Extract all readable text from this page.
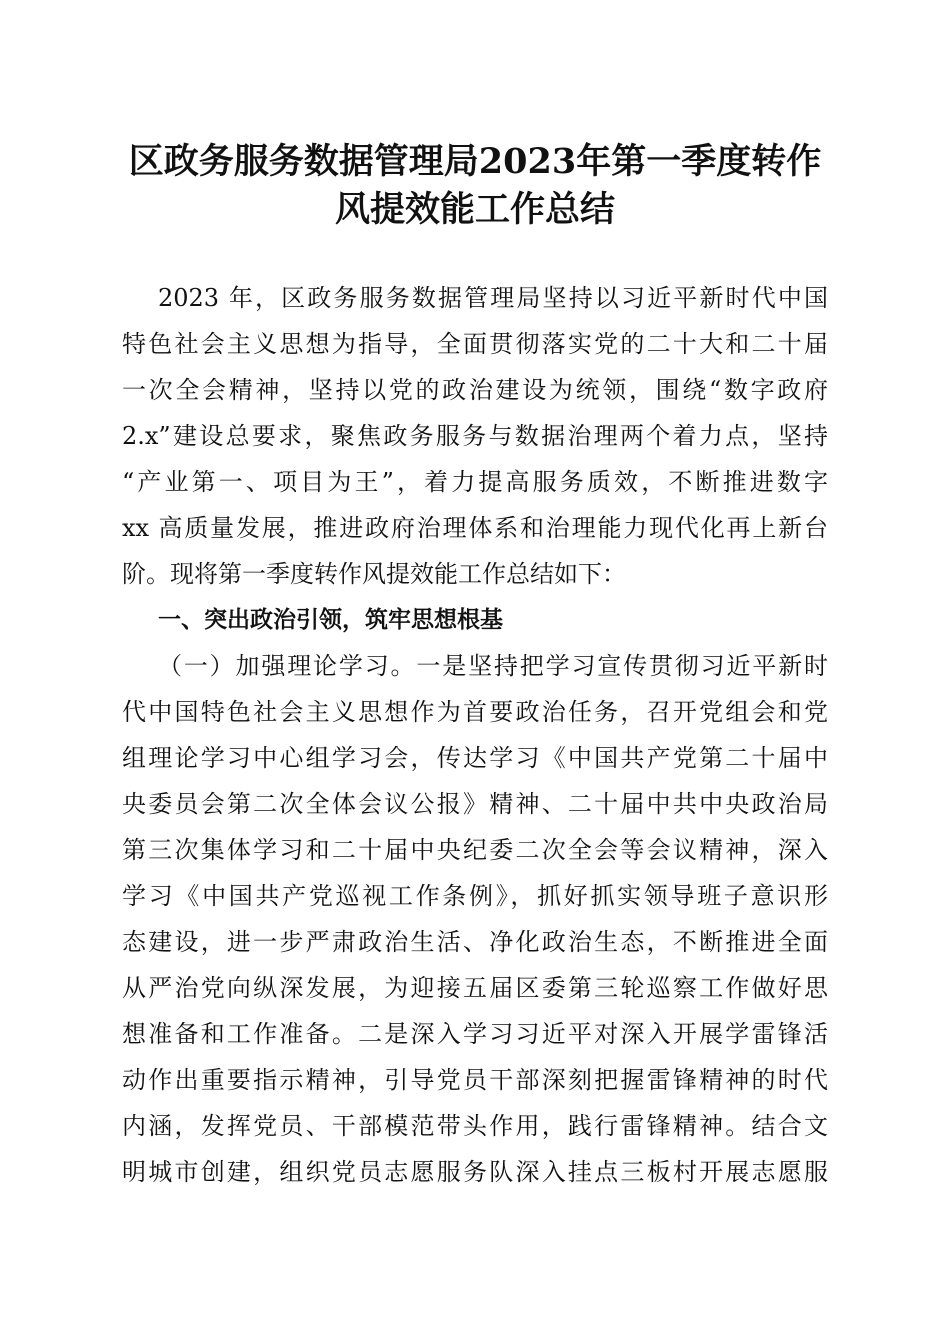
区政务服务数据管理局2023年第一季度转作
风提效能工作总结
2023 年，区政务服务数据管理局坚持以习近平新时代中国
特色社会主义思想为指导，全面贯彻落实党的二十大和二十届
一次全会精神，坚持以党的政治建设为统领，围绕“数字政府
2.x”建设总要求，聚焦政务服务与数据治理两个着力点，坚持
“产业第一、项目为王”，着力提高服务质效，不断推进数字
xx 高质量发展，推进政府治理体系和治理能力现代化再上新台
阶。现将第一季度转作风提效能工作总结如下：
一、突出政治引领，筑牢思想根基
（一）加强理论学习。一是坚持把学习宣传贯彻习近平新时
代中国特色社会主义思想作为首要政治任务，召开党组会和党
组理论学习中心组学习会，传达学习《中国共产党第二十届中
央委员会第二次全体会议公报》精神、二十届中共中央政治局
第三次集体学习和二十届中央纪委二次全会等会议精神，深入
学习《中国共产党巡视工作条例》，抓好抓实领导班子意识形
态建设，进一步严肃政治生活、净化政治生态，不断推进全面
从严治党向纵深发展，为迎接五届区委第三轮巡察工作做好思
想准备和工作准备。二是深入学习习近平对深入开展学雷锋活
动作出重要指示精神，引导党员干部深刻把握雷锋精神的时代
内涵，发挥党员、干部模范带头作用，践行雷锋精神。结合文
明城市创建，组织党员志愿服务队深入挂点三板村开展志愿服
